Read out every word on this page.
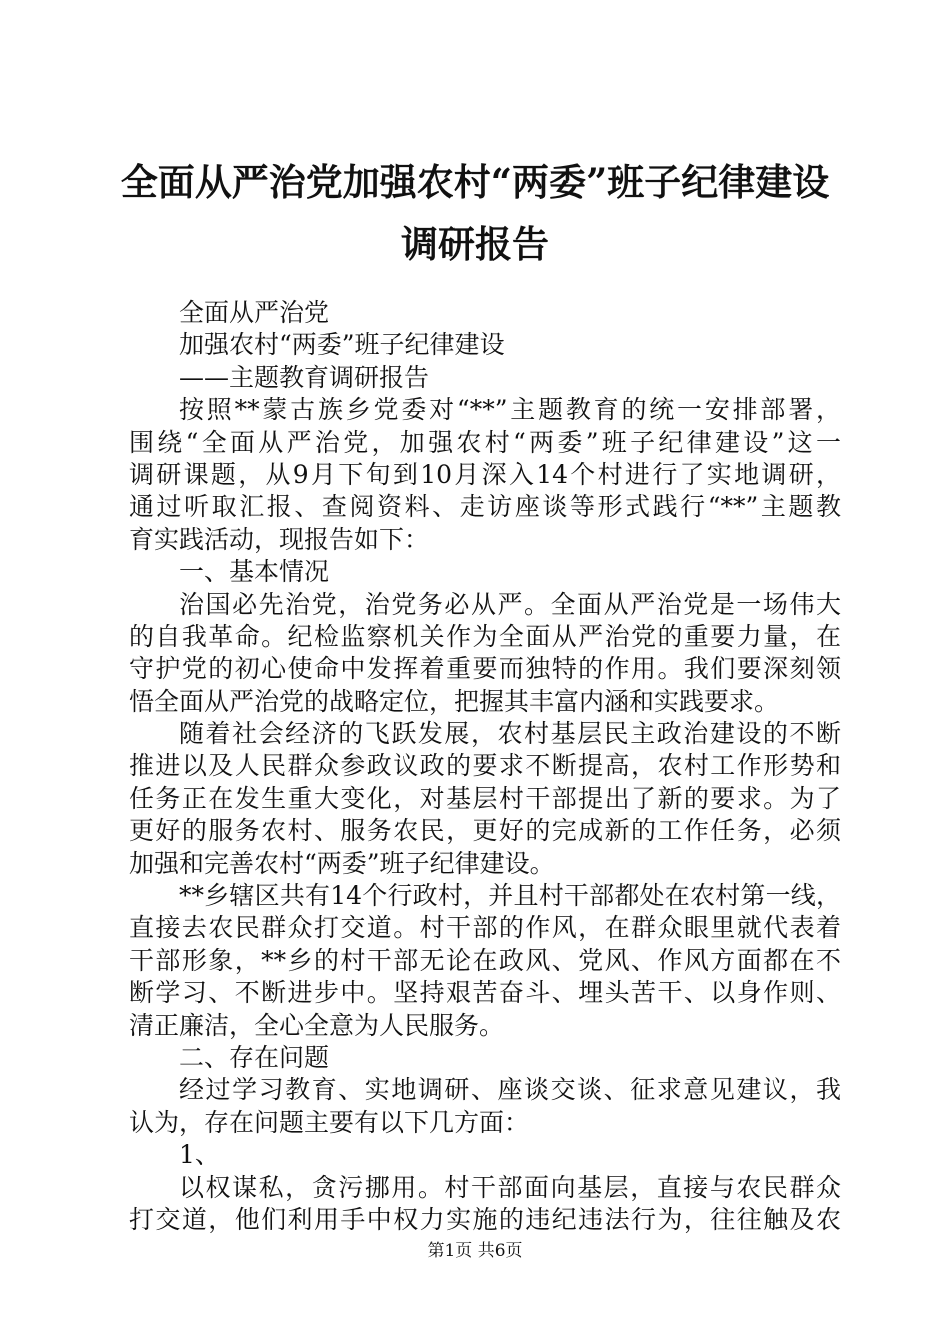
全面从严治党加强农村“两委”班子纪律建设
调研报告
全面从严治党
加强农村“两委”班子纪律建设
——主题教育调研报告
按照**蒙古族乡党委对“**”主题教育的统一安排部署，
围绕“全面从严治党，加强农村“两委”班子纪律建设”这一
调研课题，从9月下旬到10月深入14个村进行了实地调研，
通过听取汇报、查阅资料、走访座谈等形式践行“**”主题教
育实践活动，现报告如下：
一、基本情况
治国必先治党，治党务必从严。全面从严治党是一场伟大
的自我革命。纪检监察机关作为全面从严治党的重要力量，在
守护党的初心使命中发挥着重要而独特的作用。我们要深刻领
悟全面从严治党的战略定位，把握其丰富内涵和实践要求。
随着社会经济的飞跃发展，农村基层民主政治建设的不断
推进以及人民群众参政议政的要求不断提高，农村工作形势和
任务正在发生重大变化，对基层村干部提出了新的要求。为了
更好的服务农村、服务农民，更好的完成新的工作任务，必须
加强和完善农村“两委”班子纪律建设。
**乡辖区共有14个行政村，并且村干部都处在农村第一线，
直接去农民群众打交道。村干部的作风，在群众眼里就代表着
干部形象，**乡的村干部无论在政风、党风、作风方面都在不
断学习、不断进步中。坚持艰苦奋斗、埋头苦干、以身作则、
清正廉洁，全心全意为人民服务。
二、存在问题
经过学习教育、实地调研、座谈交谈、征求意见建议，我
认为，存在问题主要有以下几方面：
1、
以权谋私，贪污挪用。村干部面向基层，直接与农民群众
打交道，他们利用手中权力实施的违纪违法行为，往往触及农
第1页 共6页
